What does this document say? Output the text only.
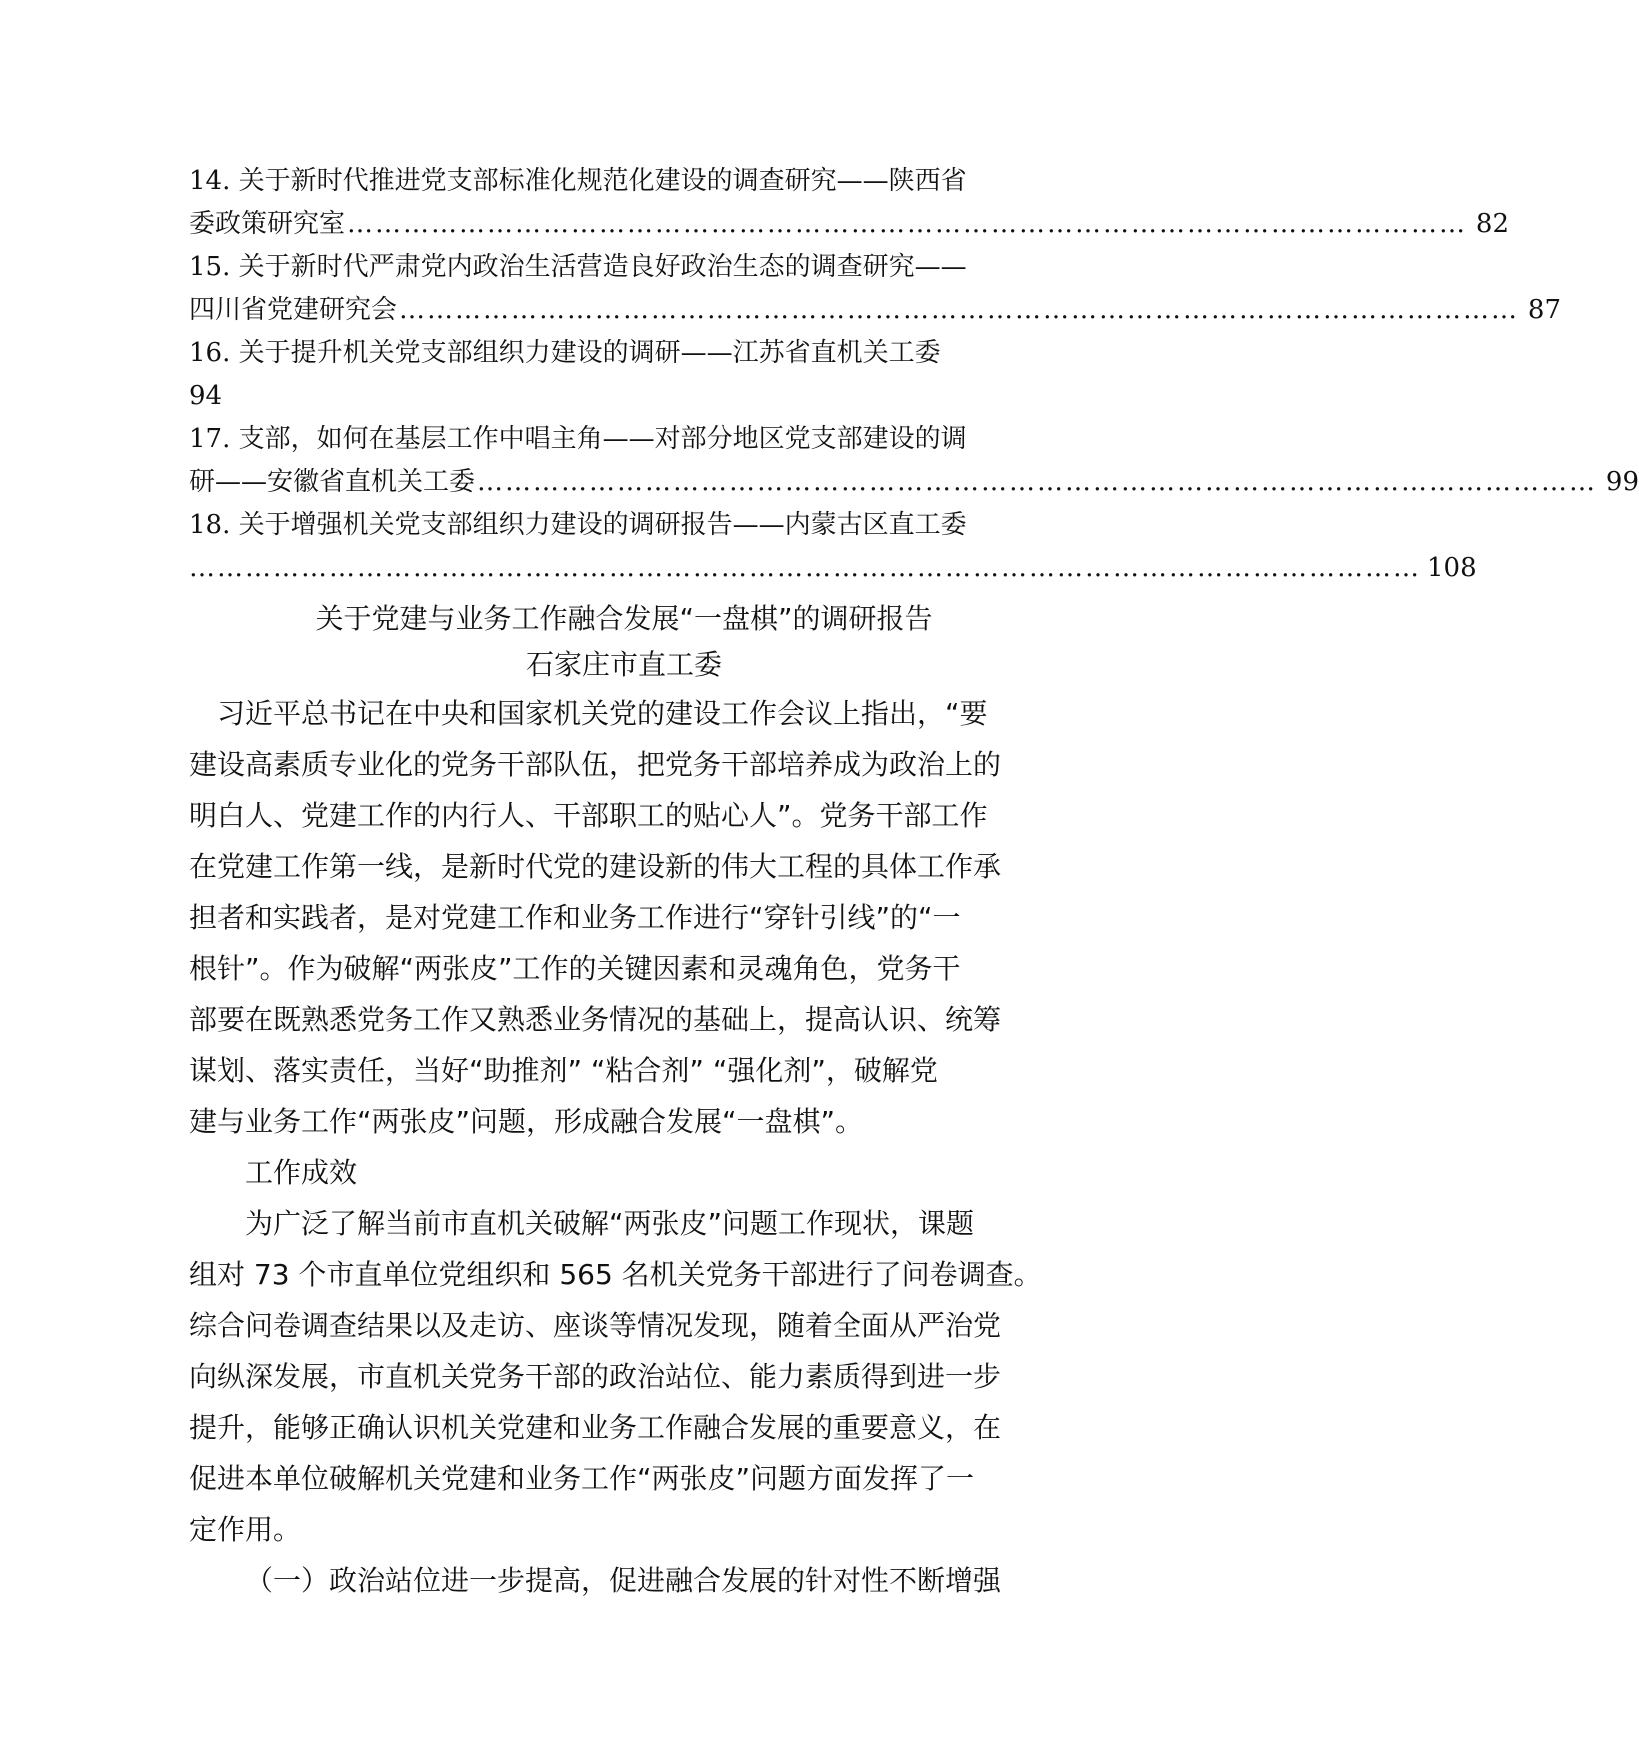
14. 关于新时代推进党支部标准化规范化建设的调查研究——陕西省
委政策研究室 ………………………………………………………………………………………………………… 82
15. 关于新时代严肃党内政治生活营造良好政治生态的调查研究——
四川省党建研究会 ………………………………………………………………………………………………………… 87
16. 关于提升机关党支部组织力建设的调研——江苏省直机关工委
94
17. 支部，如何在基层工作中唱主角——对部分地区党支部建设的调
研——安徽省直机关工委 ………………………………………………………………………………………………………… 99
18. 关于增强机关党支部组织力建设的调研报告——内蒙古区直工委
…………………………………………………………………………………………………………………… 108
关于党建与业务工作融合发展“一盘棋”的调研报告
石家庄市直工委
习近平总书记在中央和国家机关党的建设工作会议上指出，“要
建设高素质专业化的党务干部队伍，把党务干部培养成为政治上的
明白人、党建工作的内行人、干部职工的贴心人”。党务干部工作
在党建工作第一线，是新时代党的建设新的伟大工程的具体工作承
担者和实践者，是对党建工作和业务工作进行“穿针引线”的“一
根针”。作为破解“两张皮”工作的关键因素和灵魂角色，党务干
部要在既熟悉党务工作又熟悉业务情况的基础上，提高认识、统筹
谋划、落实责任，当好“助推剂” “粘合剂” “强化剂”，破解党
建与业务工作“两张皮”问题，形成融合发展“一盘棋”。
工作成效
为广泛了解当前市直机关破解“两张皮”问题工作现状，课题
组对 73 个市直单位党组织和 565 名机关党务干部进行了问卷调查。
综合问卷调查结果以及走访、座谈等情况发现，随着全面从严治党
向纵深发展，市直机关党务干部的政治站位、能力素质得到进一步
提升，能够正确认识机关党建和业务工作融合发展的重要意义，在
促进本单位破解机关党建和业务工作“两张皮”问题方面发挥了一
定作用。
（一）政治站位进一步提高，促进融合发展的针对性不断增强
